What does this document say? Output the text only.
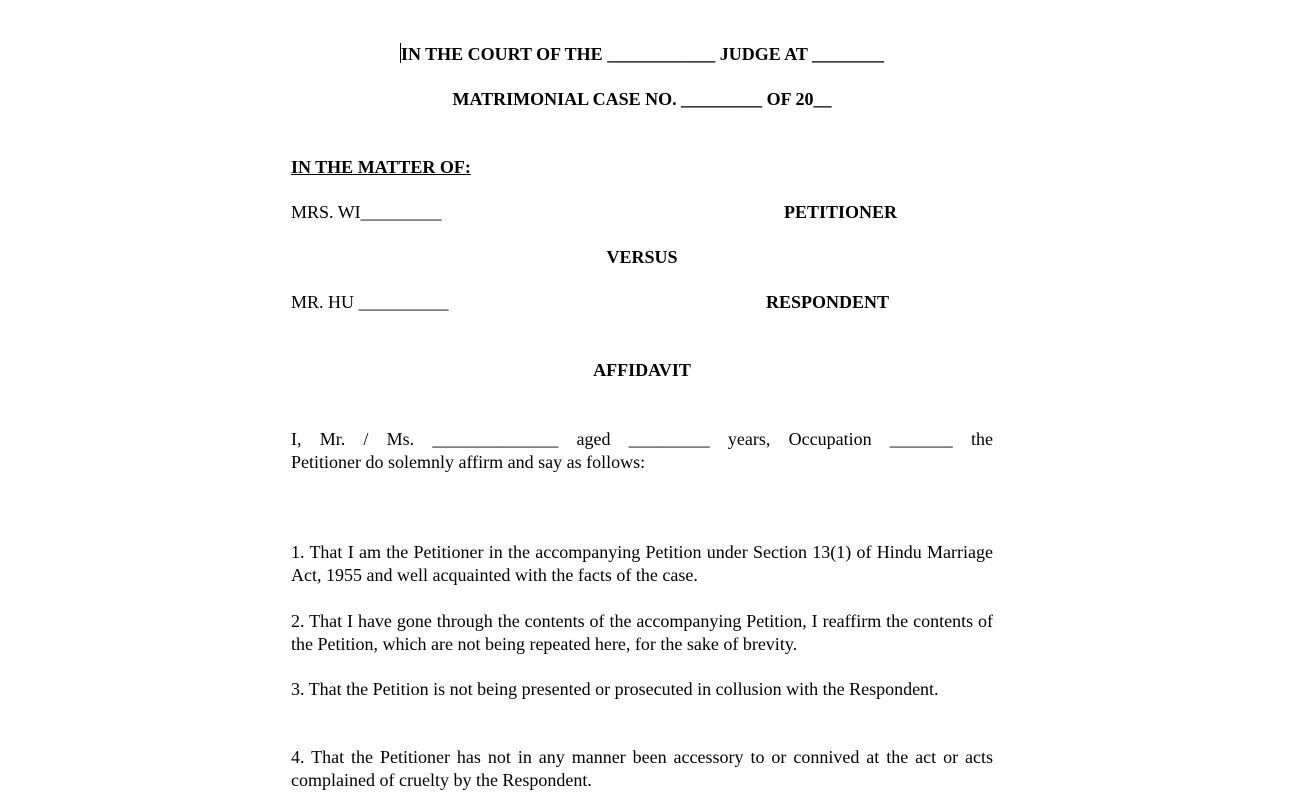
IN THE COURT OF THE ____________ JUDGE AT ________
MATRIMONIAL CASE NO. _________ OF 20__
IN THE MATTER OF:
MRS. WI_________	PETITIONER
VERSUS
MR. HU __________	RESPONDENT
AFFIDAVIT
I, Mr. / Ms. ______________ aged _________ years, Occupation _______ the
Petitioner do solemnly affirm and say as follows:
1. That I am the Petitioner in the accompanying Petition under Section 13(1) of Hindu Marriage Act, 1955 and well acquainted with the facts of the case.
2. That I have gone through the contents of the accompanying Petition, I reaffirm the contents of the Petition, which are not being repeated here, for the sake of brevity.
3. That the Petition is not being presented or prosecuted in collusion with the Respondent.
4. That the Petitioner has not in any manner been accessory to or connived at the act or acts complained of cruelty by the Respondent.
